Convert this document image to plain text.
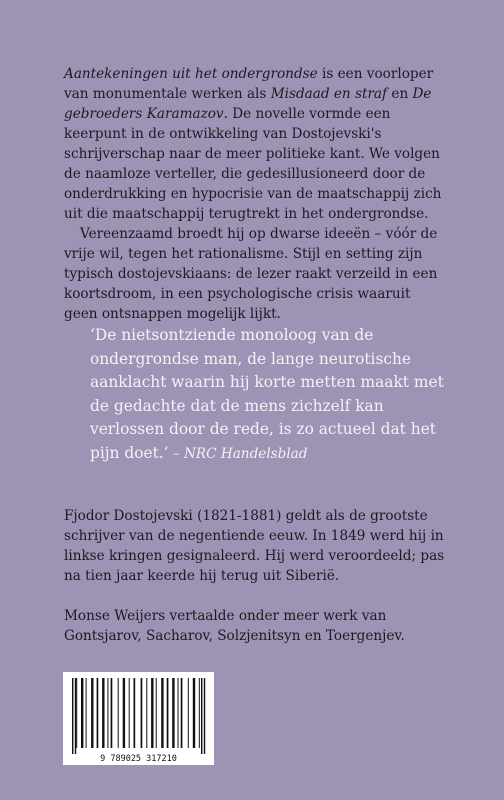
Aantekeningen uit het ondergrondse is een voorloper van monumentale werken als Misdaad en straf en De gebroeders Karamazov. De novelle vormde een keerpunt in de ontwikkeling van Dostojevski's schrijverschap naar de meer politieke kant. We volgen de naamloze verteller, die gedesillusioneerd door de onderdrukking en hypocrisie van de maatschappij zich uit die maatschappij terugtrekt in het ondergrondse.

Vereenzaamd broedt hij op dwarse ideeën – vóór de vrije wil, tegen het rationalisme. Stijl en setting zijn typisch dostojevskiaans: de lezer raakt verzeild in een koortsdroom, in een psychologische crisis waaruit geen ontsnappen mogelijk lijkt.

‘De nietsontziende monoloog van de ondergrondse man, de lange neurotische aanklacht waarin hij korte metten maakt met de gedachte dat de mens zichzelf kan verlossen door de rede, is zo actueel dat het pijn doet.’ – NRC Handelsblad

Fjodor Dostojevski (1821-1881) geldt als de grootste schrijver van de negentiende eeuw. In 1849 werd hij in linkse kringen gesignaleerd. Hij werd veroordeeld; pas na tien jaar keerde hij terug uit Siberië.

Monse Weijers vertaalde onder meer werk van Gontsjarov, Sacharov, Solzjenitsyn en Toergenjev.

9 789025 317210
